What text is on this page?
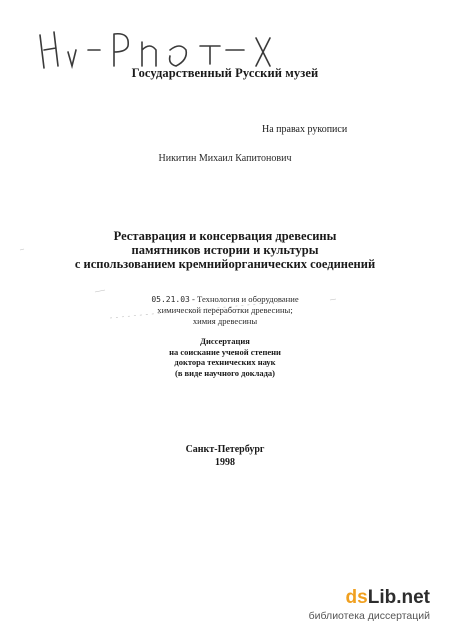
Государственный Русский музей
На правах рукописи
Никитин Михаил Капитонович
Реставрация и консервация древесины
памятников истории и культуры
с использованием кремнийорганических соединений
05.21.03 - Технология и оборудование
химической переработки древесины;
химия древесины
Диссертация
на соискание ученой степени
доктора технических наук
(в виде научного доклада)
Санкт-Петербург
1998
dsLib.net
библиотека диссертаций
